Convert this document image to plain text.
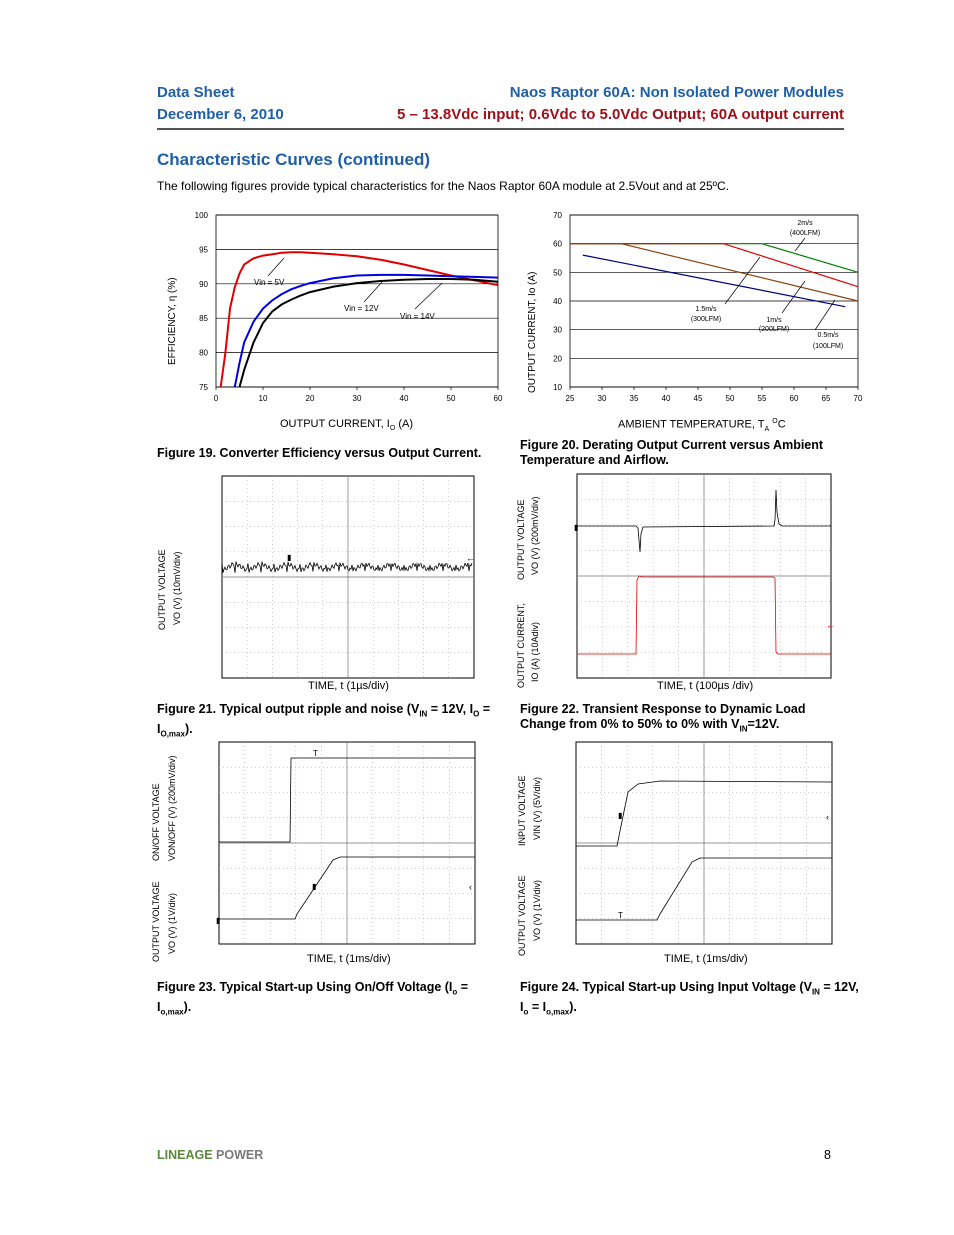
Data Sheet
December 6, 2010
Naos Raptor 60A: Non Isolated Power Modules
5 – 13.8Vdc input; 0.6Vdc to 5.0Vdc Output; 60A output current
Characteristic Curves (continued)
The following figures provide typical characteristics for the Naos Raptor 60A module at 2.5Vout and at 25ºC.
100
95
90
85
80
75
0	10	20	30	40	50	60
Vin = 5V
Vin = 12V
Vin = 14V
EFFICIENCY, η (%)
OUTPUT CURRENT, $I_O$ (A)
Figure 19. Converter Efficiency versus Output Current.
70
60
50
40
30
20
10
25	30	35	40	45	50	55	60	65	70
2m/s
(400LFM)
1.5m/s
(300LFM)	1m/s
(200LFM)
0.5m/s
(100LFM)
OUTPUT CURRENT, Io (A)
AMBIENT TEMPERATURE, $T_A$ $^O$C
Figure 20. Derating Output Current versus Ambient Temperature and Airflow.
OUTPUT VOLTAGE VO (V) (10mV/div)	▮	←
TIME, t (1µs/div)
Figure 21. Typical output ripple and noise ($V_{IN} = 12V$, $I_O = I_{O,max}$).
▮
←
OUTPUT VOLTAGE VO (V) (200mV/div)
OUTPUT CURRENT, IO (A) (10Adiv)
TIME, t (100µs /div)
Figure 22. Transient Response to Dynamic Load Change from 0% to 50% to 0% with $V_{IN}=12V$.
▮	‹
T
▮
ON/OFF VOLTAGE VON/OFF (V) (200mV/div)
OUTPUT VOLTAGE VO (V) (1V/div)
TIME, t (1ms/div)
Figure 23. Typical Start-up Using On/Off Voltage $(I_o = I_{o,max})$.
▮	‹
T
INPUT VOLTAGE VIN (V) (5V/div)
OUTPUT VOLTAGE VO (V) (1V/div)
TIME, t (1ms/div)
Figure 24. Typical Start-up Using Input Voltage ($V_{IN} = 12V$, $I_o = I_{o,max}$).
LINEAGE POWER	8
